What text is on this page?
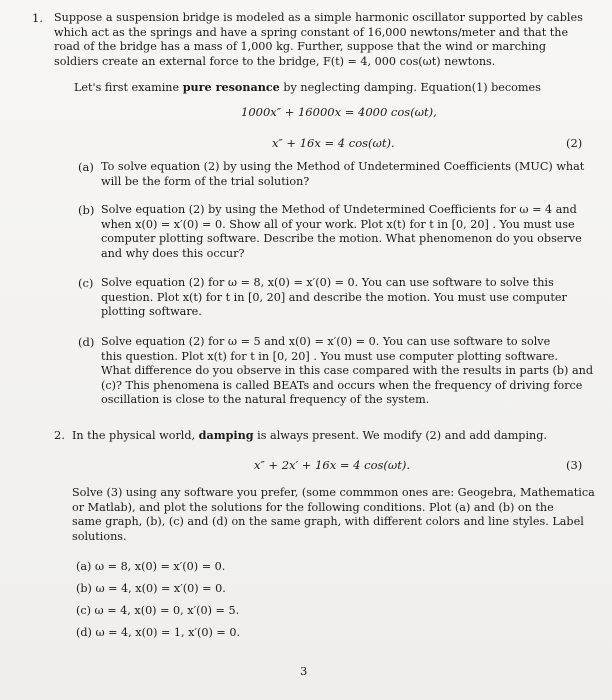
1. Suppose a suspension bridge is modeled as a simple harmonic oscillator supported by cables
which act as the springs and have a spring constant of 16,000 newtons/meter and that the
road of the bridge has a mass of 1,000 kg. Further, suppose that the wind or marching
soldiers create an external force to the bridge, F(t) = 4, 000 cos(ωt) newtons.
Let's first examine pure resonance by neglecting damping. Equation(1) becomes
1000x″ + 16000x = 4000 cos(ωt),
x″ + 16x = 4 cos(ωt).	(2)
(a) To solve equation (2) by using the Method of Undetermined Coefficients (MUC) what
will be the form of the trial solution?
(b) Solve equation (2) by using the Method of Undetermined Coefficients for ω = 4 and
when x(0) = x′(0) = 0. Show all of your work. Plot x(t) for t in [0, 20] . You must use
computer plotting software. Describe the motion. What phenomenon do you observe
and why does this occur?
(c) Solve equation (2) for ω = 8, x(0) = x′(0) = 0. You can use software to solve this
question. Plot x(t) for t in [0, 20] and describe the motion. You must use computer
plotting software.
(d) Solve equation (2) for ω = 5 and x(0) = x′(0) = 0. You can use software to solve
this question. Plot x(t) for t in [0, 20] . You must use computer plotting software.
What difference do you observe in this case compared with the results in parts (b) and
(c)? This phenomena is called BEATs and occurs when the frequency of driving force
oscillation is close to the natural frequency of the system.
2. In the physical world, damping is always present. We modify (2) and add damping.
x″ + 2x′ + 16x = 4 cos(ωt).	(3)
Solve (3) using any software you prefer, (some commmon ones are: Geogebra, Mathematica
or Matlab), and plot the solutions for the following conditions. Plot (a) and (b) on the
same graph, (b), (c) and (d) on the same graph, with different colors and line styles. Label
solutions.
(a) ω = 8, x(0) = x′(0) = 0.
(b) ω = 4, x(0) = x′(0) = 0.
(c) ω = 4, x(0) = 0, x′(0) = 5.
(d) ω = 4, x(0) = 1, x′(0) = 0.
3
